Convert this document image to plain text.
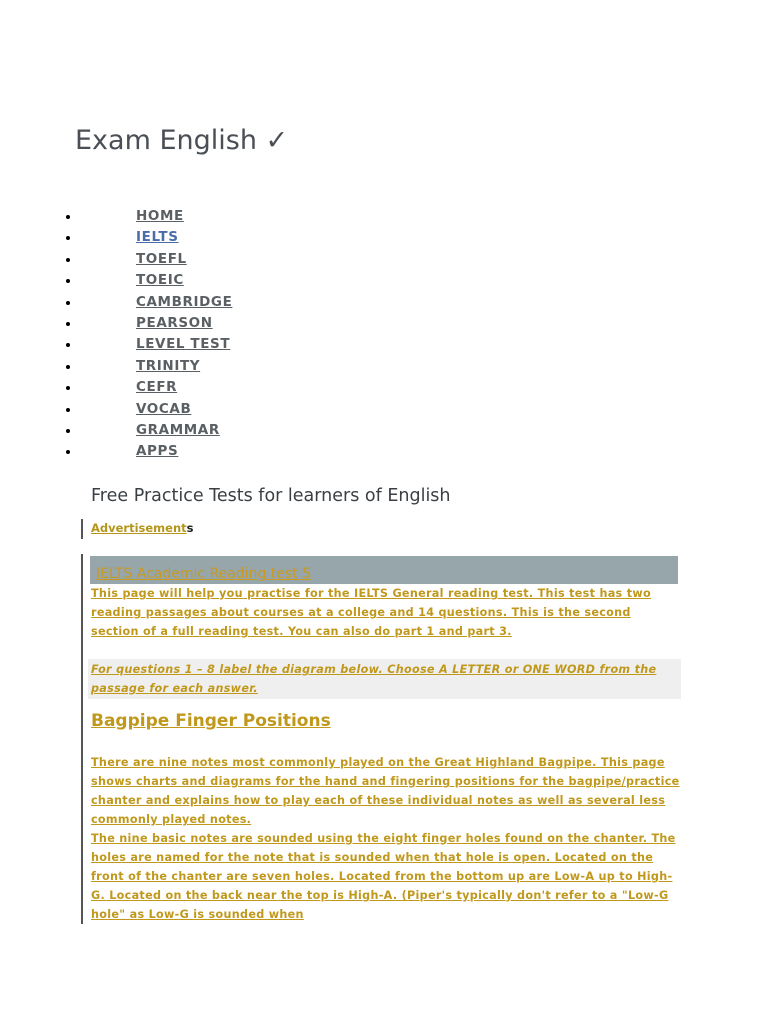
Exam English ✓
HOME
IELTS
TOEFL
TOEIC
CAMBRIDGE
PEARSON
LEVEL TEST
TRINITY
CEFR
VOCAB
GRAMMAR
APPS
Free Practice Tests for learners of English
Advertisements
IELTS Academic Reading test 5

This page will help you practise for the IELTS General reading test. This test has two reading passages about courses at a college and 14 questions. This is the second section of a full reading test. You can also do part 1 and part 3.

For questions 1 – 8 label the diagram below. Choose A LETTER or ONE WORD from the passage for each answer.
Bagpipe Finger Positions
There are nine notes most commonly played on the Great Highland Bagpipe. This page shows charts and diagrams for the hand and fingering positions for the bagpipe/practice chanter and explains how to play each of these individual notes as well as several less commonly played notes.
The nine basic notes are sounded using the eight finger holes found on the chanter. The holes are named for the note that is sounded when that hole is open. Located on the front of the chanter are seven holes. Located from the bottom up are Low-A up to High-G. Located on the back near the top is High-A. (Piper's typically don't refer to a "Low-G hole" as Low-G is sounded when
